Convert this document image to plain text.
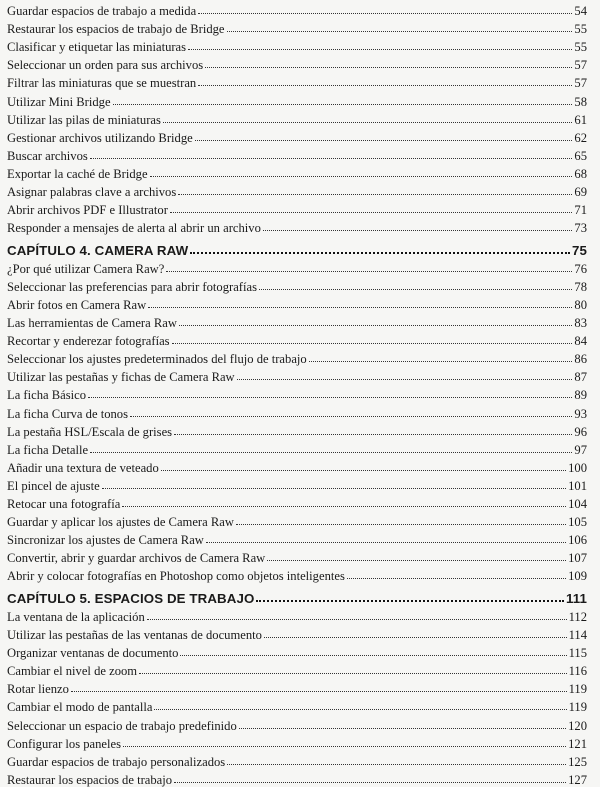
Guardar espacios de trabajo a medida	54
Restaurar los espacios de trabajo de Bridge	55
Clasificar y etiquetar las miniaturas	55
Seleccionar un orden para sus archivos	57
Filtrar las miniaturas que se muestran	57
Utilizar Mini Bridge	58
Utilizar las pilas de miniaturas	61
Gestionar archivos utilizando Bridge	62
Buscar archivos	65
Exportar la caché de Bridge	68
Asignar palabras clave a archivos	69
Abrir archivos PDF e Illustrator	71
Responder a mensajes de alerta al abrir un archivo	73
CAPÍTULO 4. CAMERA RAW	75
¿Por qué utilizar Camera Raw?	76
Seleccionar las preferencias para abrir fotografías	78
Abrir fotos en Camera Raw	80
Las herramientas de Camera Raw	83
Recortar y enderezar fotografías	84
Seleccionar los ajustes predeterminados del flujo de trabajo	86
Utilizar las pestañas y fichas de Camera Raw	87
La ficha Básico	89
La ficha Curva de tonos	93
La pestaña HSL/Escala de grises	96
La ficha Detalle	97
Añadir una textura de veteado	100
El pincel de ajuste	101
Retocar una fotografía	104
Guardar y aplicar los ajustes de Camera Raw	105
Sincronizar los ajustes de Camera Raw	106
Convertir, abrir y guardar archivos de Camera Raw	107
Abrir y colocar fotografías en Photoshop como objetos inteligentes	109
CAPÍTULO 5. ESPACIOS DE TRABAJO	111
La ventana de la aplicación	112
Utilizar las pestañas de las ventanas de documento	114
Organizar ventanas de documento	115
Cambiar el nivel de zoom	116
Rotar lienzo	119
Cambiar el modo de pantalla	119
Seleccionar un espacio de trabajo predefinido	120
Configurar los paneles	121
Guardar espacios de trabajo personalizados	125
Restaurar los espacios de trabajo	127
